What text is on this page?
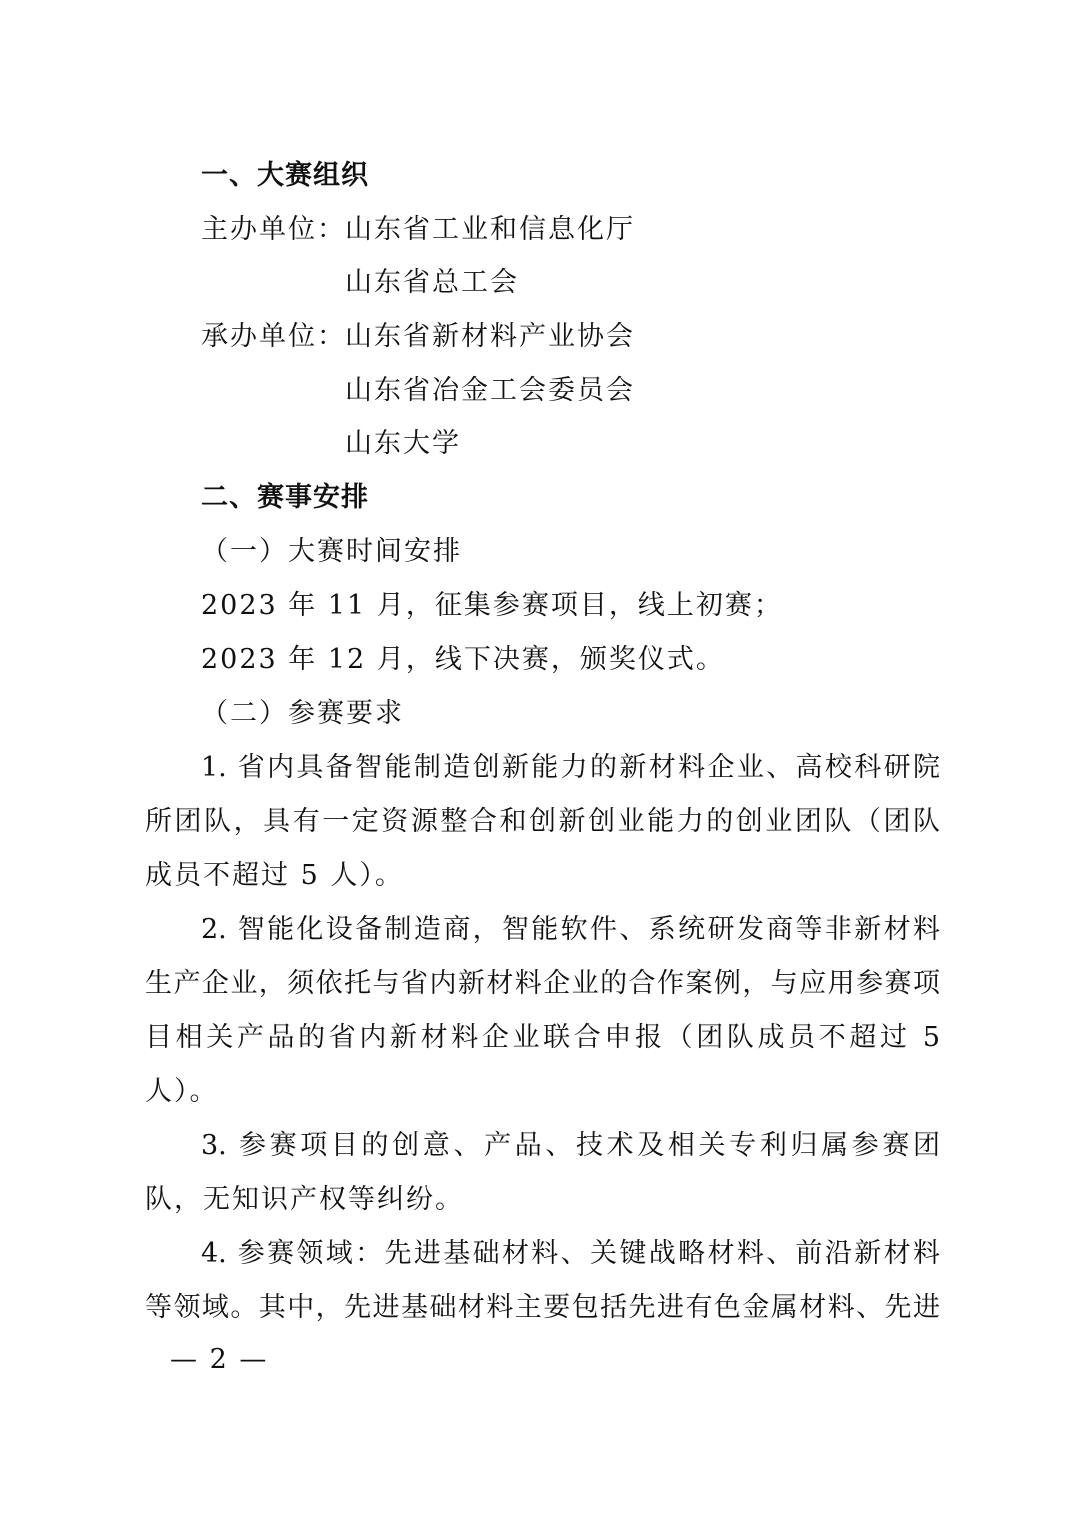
一、大赛组织
主办单位：山东省工业和信息化厅
山东省总工会
承办单位：山东省新材料产业协会
山东省冶金工会委员会
山东大学
二、赛事安排
（一）大赛时间安排
2023 年 11 月，征集参赛项目，线上初赛；
2023 年 12 月，线下决赛，颁奖仪式。
（二）参赛要求
1. 省内具备智能制造创新能力的新材料企业、高校科研院
所团队，具有一定资源整合和创新创业能力的创业团队（团队
成员不超过 5 人）。
2. 智能化设备制造商，智能软件、系统研发商等非新材料
生产企业，须依托与省内新材料企业的合作案例，与应用参赛项
目相关产品的省内新材料企业联合申报（团队成员不超过 5
人）。
3. 参赛项目的创意、产品、技术及相关专利归属参赛团
队，无知识产权等纠纷。
4. 参赛领域：先进基础材料、关键战略材料、前沿新材料
等领域。其中，先进基础材料主要包括先进有色金属材料、先进
— 2 —
